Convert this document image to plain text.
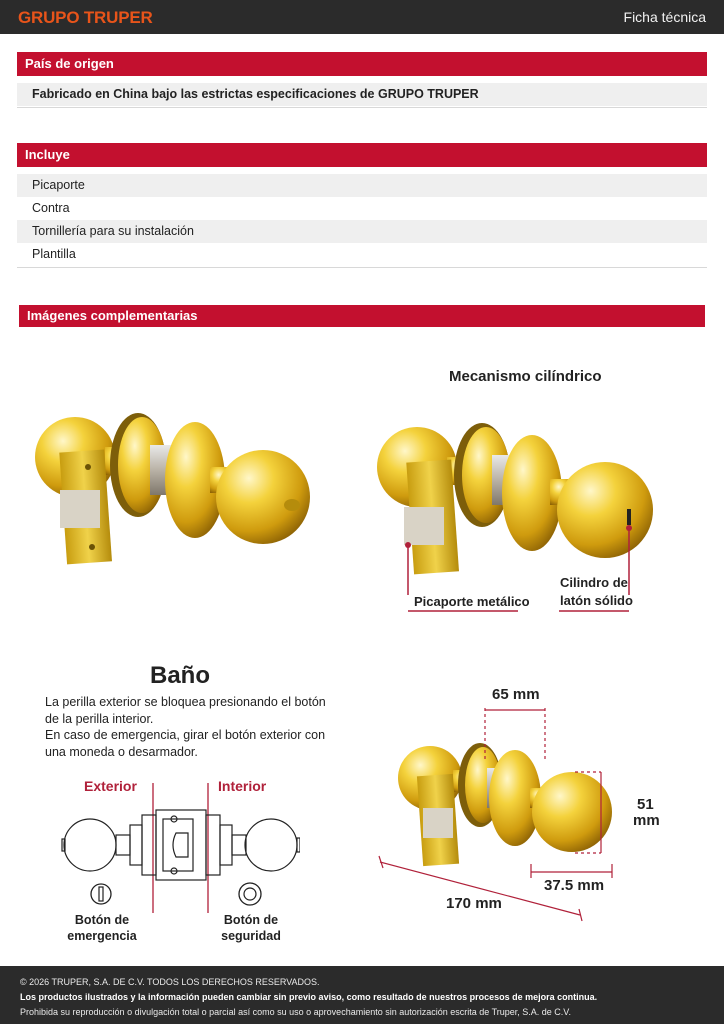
GRUPO TRUPER	Ficha técnica
País de origen
Fabricado en China bajo las estrictas especificaciones de GRUPO TRUPER
Incluye
Picaporte
Contra
Tornillería para su instalación
Plantilla
Imágenes complementarias
Mecanismo cilíndrico
Picaporte metálico
Cilindro de
latón sólido
Baño
La perilla exterior se bloquea presionando el botón
de la perilla interior.
En caso de emergencia, girar el botón exterior con
una moneda o desarmador.
Exterior	Interior
Botón de
emergencia
Botón de
seguridad
65 mm
51
mm
37.5 mm
170 mm
© 2026 TRUPER, S.A. DE C.V. TODOS LOS DERECHOS RESERVADOS.
Los productos ilustrados y la información pueden cambiar sin previo aviso, como resultado de nuestros procesos de mejora continua.
Prohibida su reproducción o divulgación total o parcial así como su uso o aprovechamiento sin autorización escrita de Truper, S.A. de C.V.
